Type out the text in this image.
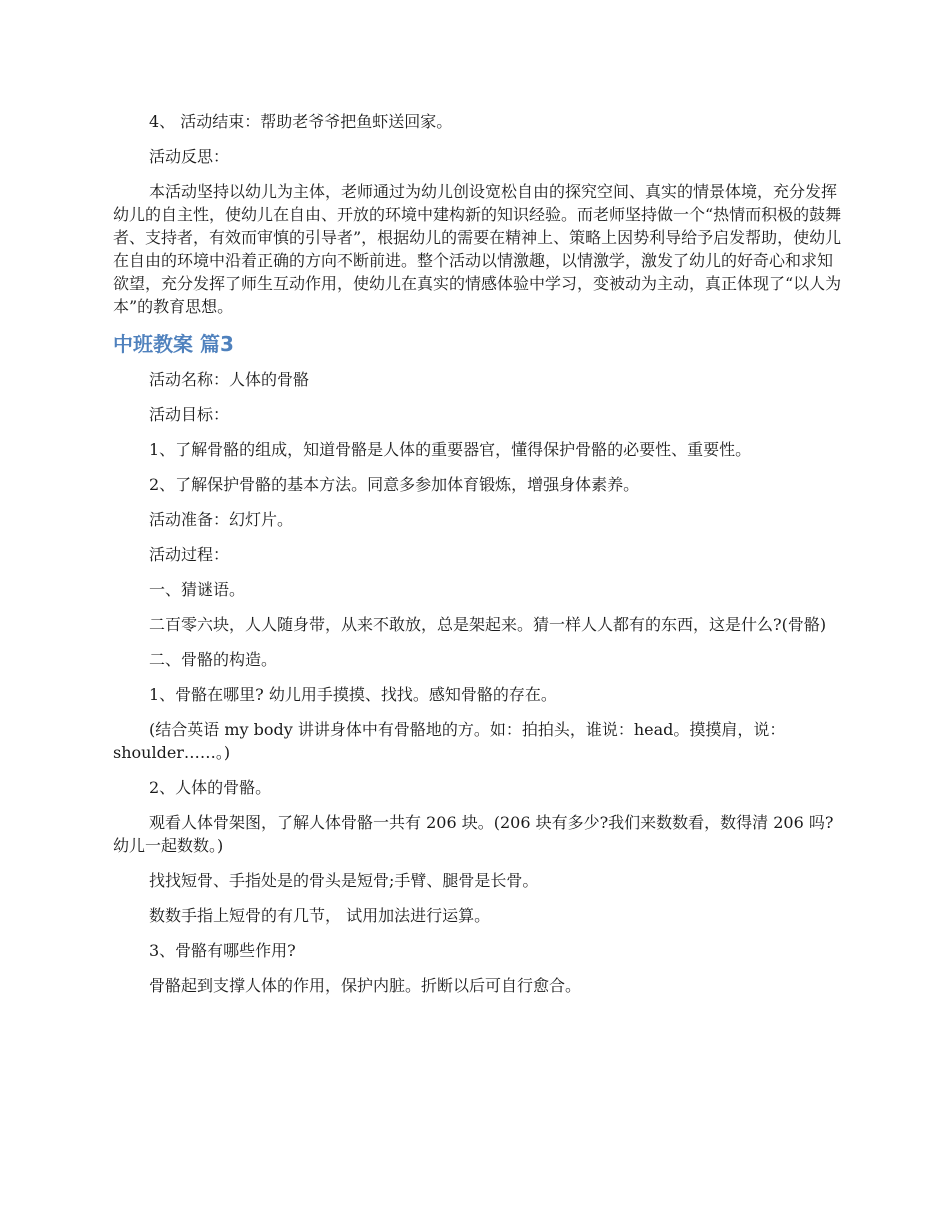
4、 活动结束：帮助老爷爷把鱼虾送回家。

活动反思：

本活动坚持以幼儿为主体，老师通过为幼儿创设宽松自由的探究空间、真实的情景体境，充分发挥幼儿的自主性，使幼儿在自由、开放的环境中建构新的知识经验。而老师坚持做一个“热情而积极的鼓舞者、支持者，有效而审慎的引导者”，根据幼儿的需要在精神上、策略上因势利导给予启发帮助，使幼儿在自由的环境中沿着正确的方向不断前进。整个活动以情激趣，以情激学，激发了幼儿的好奇心和求知欲望，充分发挥了师生互动作用，使幼儿在真实的情感体验中学习，变被动为主动，真正体现了“以人为本”的教育思想。

中班教案 篇3

活动名称：人体的骨骼

活动目标：

1、了解骨骼的组成，知道骨骼是人体的重要器官，懂得保护骨骼的必要性、重要性。

2、了解保护骨骼的基本方法。同意多参加体育锻炼，增强身体素养。

活动准备：幻灯片。

活动过程：

一、猜谜语。

二百零六块，人人随身带，从来不敢放，总是架起来。猜一样人人都有的东西，这是什么?(骨骼)

二、骨骼的构造。

1、骨骼在哪里? 幼儿用手摸摸、找找。感知骨骼的存在。

(结合英语 my body 讲讲身体中有骨骼地的方。如：拍拍头，谁说：head。摸摸肩，说：shoulder……。)

2、人体的骨骼。

观看人体骨架图，了解人体骨骼一共有 206 块。(206 块有多少?我们来数数看，数得清 206 吗?幼儿一起数数。)

找找短骨、手指处是的骨头是短骨;手臂、腿骨是长骨。

数数手指上短骨的有几节， 试用加法进行运算。

3、骨骼有哪些作用?

骨骼起到支撑人体的作用，保护内脏。折断以后可自行愈合。
